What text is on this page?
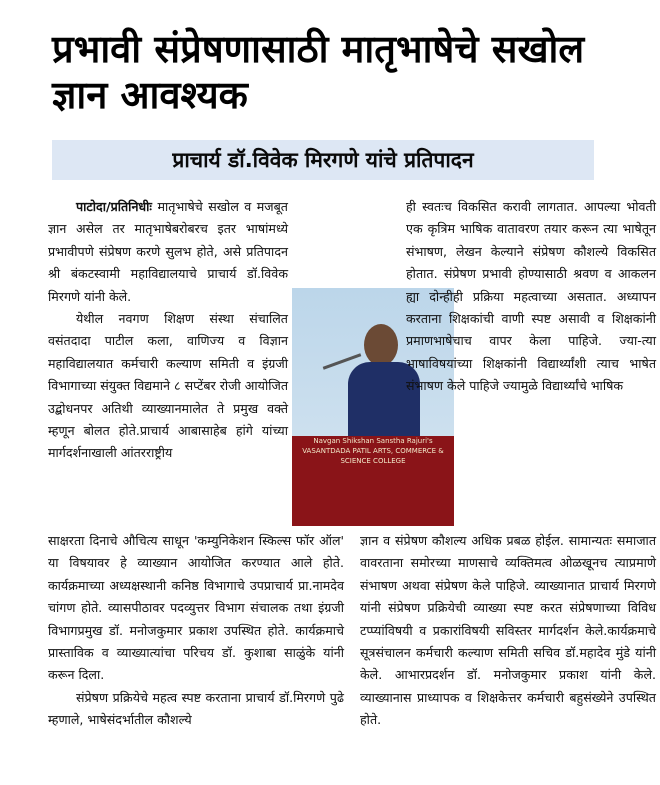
प्रभावी संप्रेषणासाठी मातृभाषेचे सखोल ज्ञान आवश्यक
प्राचार्य डॉ.विवेक मिरगणे यांचे प्रतिपादन

पाटोदा/प्रतिनिधीः मातृभाषेचे सखोल व मजबूत ज्ञान असेल तर मातृभाषेबरोबरच इतर भाषांमध्ये प्रभावीपणे संप्रेषण करणे सुलभ होते, असे प्रतिपादन श्री बंकटस्वामी महाविद्यालयाचे प्राचार्य डॉ.विवेक मिरगणे यांनी केले.

येथील नवगण शिक्षण संस्था संचालित वसंतदादा पाटील कला, वाणिज्य व विज्ञान महाविद्यालयात कर्मचारी कल्याण समिती व इंग्रजी विभागाच्या संयुक्त विद्यमाने ८ सप्टेंबर रोजी आयोजित उद्बोधनपर अतिथी व्याख्यानमालेत ते प्रमुख वक्ते म्हणून बोलत होते.प्राचार्य आबासाहेब हांगे यांच्या मार्गदर्शनाखाली आंतरराष्ट्रीय

Navgan Shikshan Sanstha Rajuri's VASANTDADA PATIL ARTS, COMMERCE & SCIENCE COLLEGE

ही स्वतःच विकसित करावी लागतात. आपल्या भोवती एक कृत्रिम भाषिक वातावरण तयार करून त्या भाषेतून संभाषण, लेखन केल्याने संप्रेषण कौशल्ये विकसित होतात. संप्रेषण प्रभावी होण्यासाठी श्रवण व आकलन ह्या दोन्हीही प्रक्रिया महत्वाच्या असतात. अध्यापन करताना शिक्षकांची वाणी स्पष्ट असावी व शिक्षकांनी प्रमाणभाषेचाच वापर केला पाहिजे. ज्या-त्या भाषाविषयांच्या शिक्षकांनी विद्यार्थ्यांशी त्याच भाषेत संभाषण केले पाहिजे ज्यामुळे विद्यार्थ्यांचे भाषिक

साक्षरता दिनाचे औचित्य साधून 'कम्युनिकेशन स्किल्स फॉर ऑल' या विषयावर हे व्याख्यान आयोजित करण्यात आले होते. कार्यक्रमाच्या अध्यक्षस्थानी कनिष्ठ विभागाचे उपप्राचार्य प्रा.नामदेव चांगण होते. व्यासपीठावर पदव्युत्तर विभाग संचालक तथा इंग्रजी विभागप्रमुख डॉ. मनोजकुमार प्रकाश उपस्थित होते. कार्यक्रमाचे प्रास्ताविक व व्याख्यात्यांचा परिचय डॉ. कुशाबा साळुंके यांनी करून दिला.

संप्रेषण प्रक्रियेचे महत्व स्पष्ट करताना प्राचार्य डॉ.मिरगणे पुढे म्हणाले, भाषेसंदर्भातील कौशल्ये

ज्ञान व संप्रेषण कौशल्य अधिक प्रबळ होईल. सामान्यतः समाजात वावरताना समोरच्या माणसाचे व्यक्तिमत्व ओळखूनच त्याप्रमाणे संभाषण अथवा संप्रेषण केले पाहिजे. व्याख्यानात प्राचार्य मिरगणे यांनी संप्रेषण प्रक्रियेची व्याख्या स्पष्ट करत संप्रेषणाच्या विविध टप्प्यांविषयी व प्रकारांविषयी सविस्तर मार्गदर्शन केले.कार्यक्रमाचे सूत्रसंचालन कर्मचारी कल्याण समिती सचिव डॉ.महादेव मुंडे यांनी केले. आभारप्रदर्शन डॉ. मनोजकुमार प्रकाश यांनी केले. व्याख्यानास प्राध्यापक व शिक्षकेत्तर कर्मचारी बहुसंख्येने उपस्थित होते.
